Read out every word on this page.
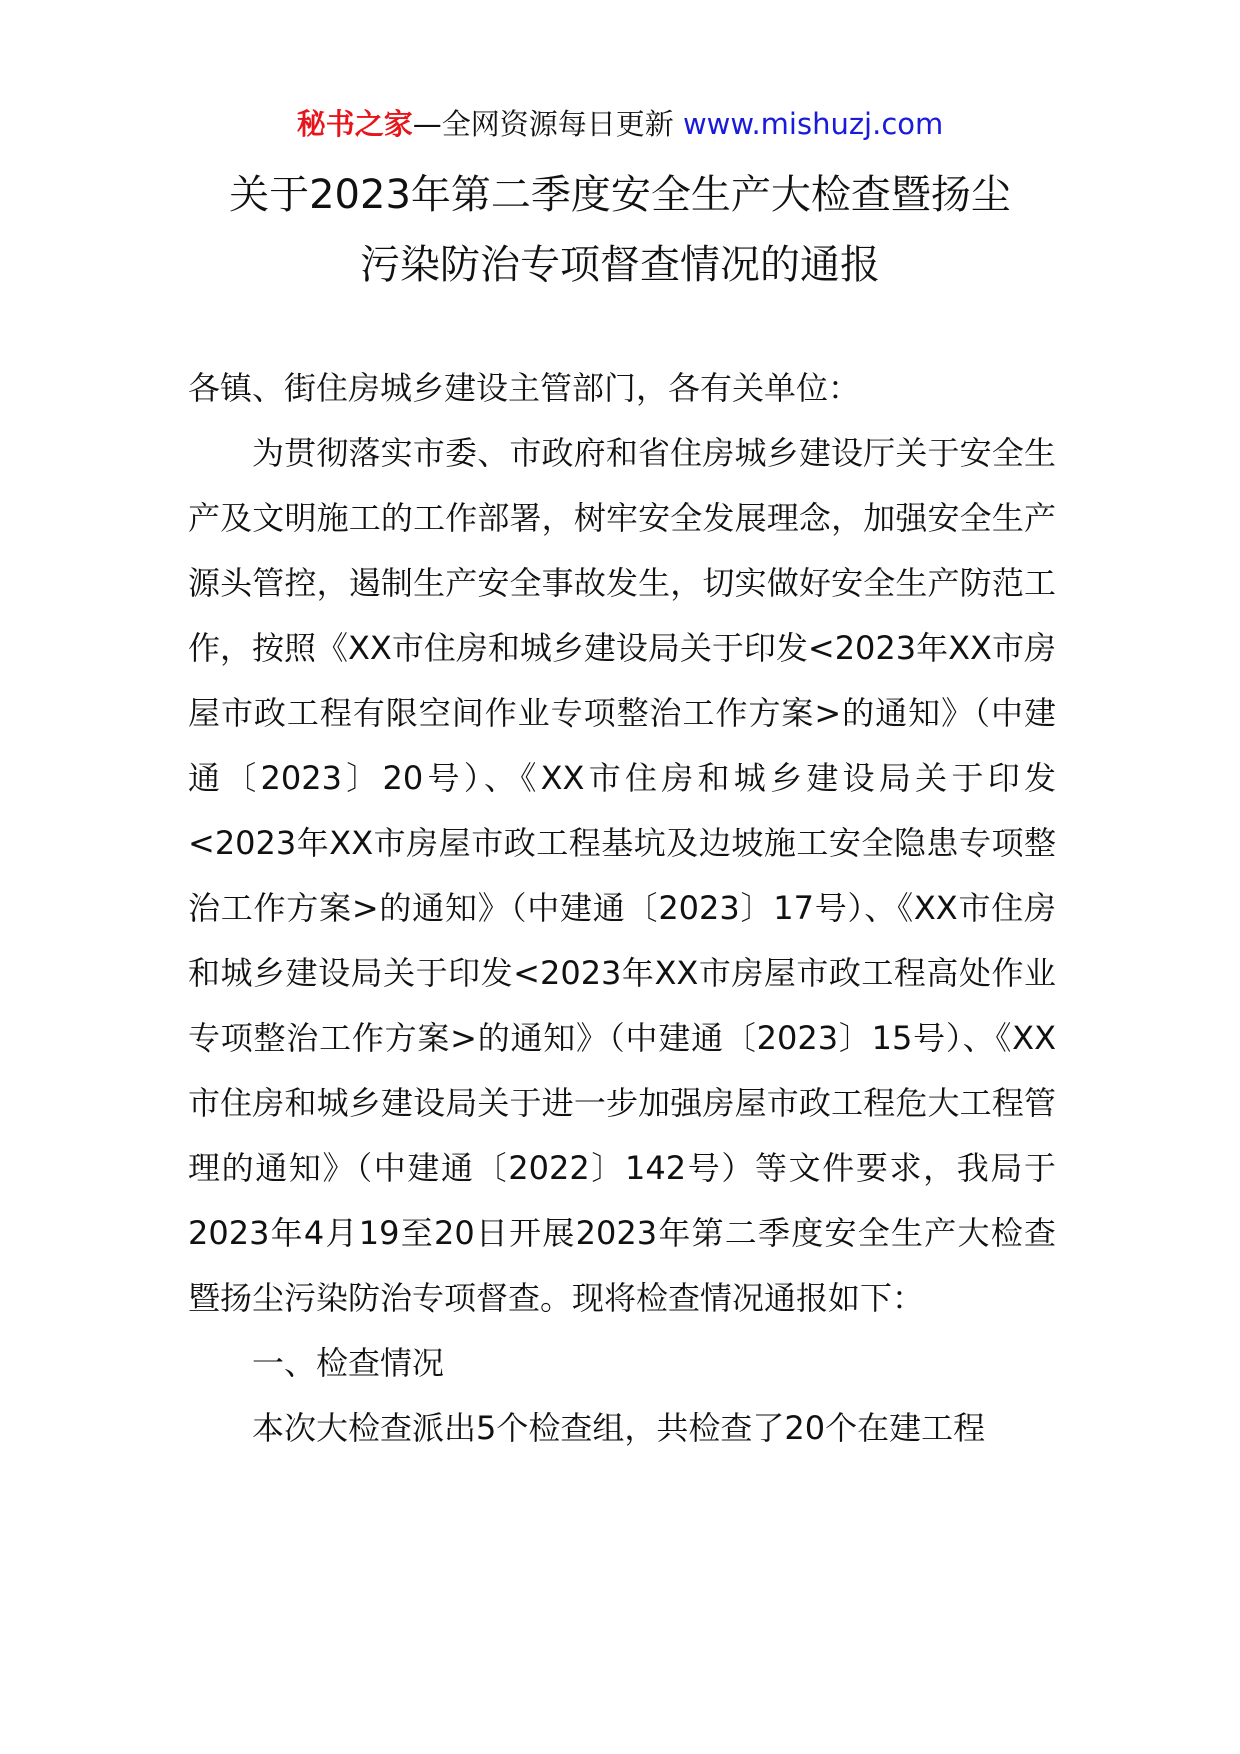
秘书之家—全网资源每日更新 www.mishuzj.com
关于2023年第二季度安全生产大检查暨扬尘
污染防治专项督查情况的通报

各镇、街住房城乡建设主管部门，各有关单位：

为贯彻落实市委、市政府和省住房城乡建设厅关于安全生产及文明施工的工作部署，树牢安全发展理念，加强安全生产源头管控，遏制生产安全事故发生，切实做好安全生产防范工作，按照《XX市住房和城乡建设局关于印发<2023年XX市房屋市政工程有限空间作业专项整治工作方案>的通知》（中建通〔2023〕20号）、《XX市住房和城乡建设局关于印发<2023年XX市房屋市政工程基坑及边坡施工安全隐患专项整治工作方案>的通知》（中建通〔2023〕17号）、《XX市住房和城乡建设局关于印发<2023年XX市房屋市政工程高处作业专项整治工作方案>的通知》（中建通〔2023〕15号）、《XX市住房和城乡建设局关于进一步加强房屋市政工程危大工程管理的通知》（中建通〔2022〕142号）等文件要求，我局于2023年4月19至20日开展2023年第二季度安全生产大检查暨扬尘污染防治专项督查。现将检查情况通报如下：

一、检查情况

本次大检查派出5个检查组，共检查了20个在建工程
